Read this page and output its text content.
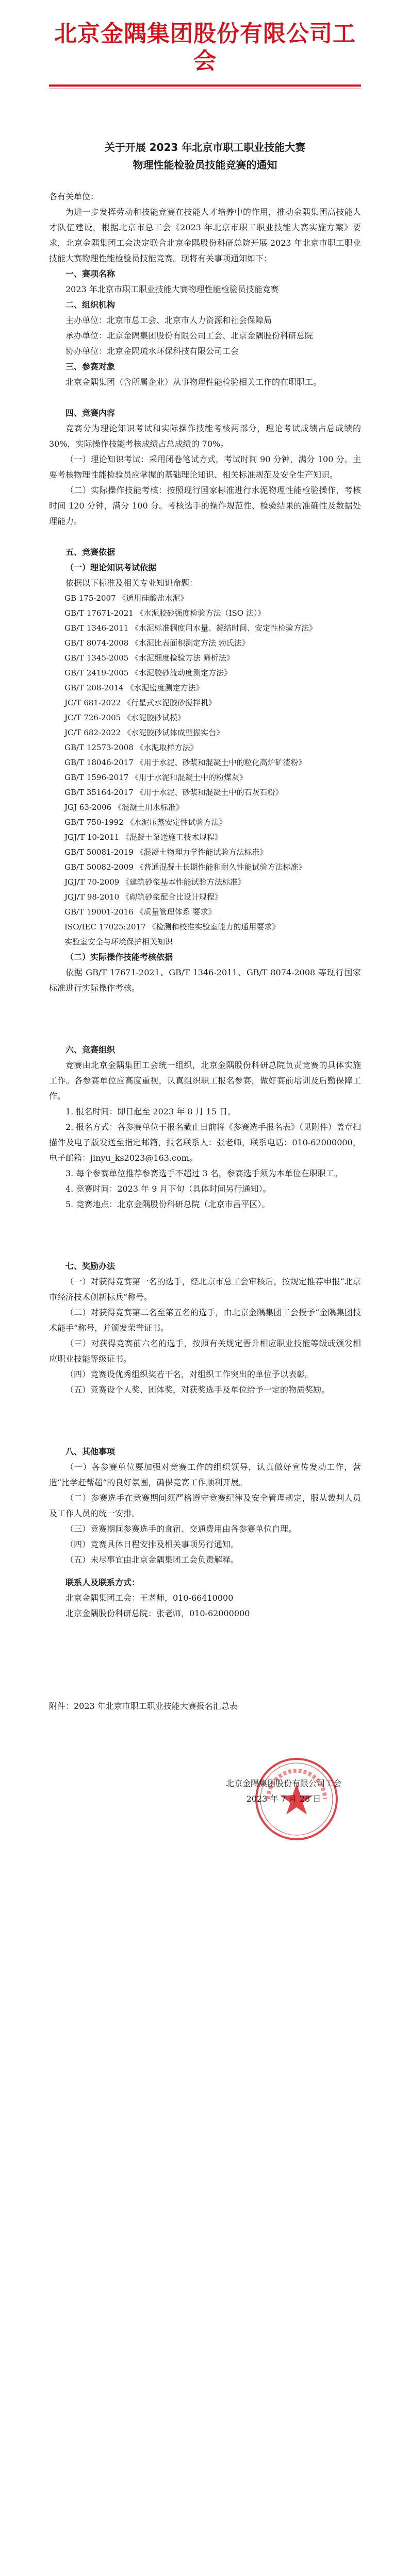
北京金隅集团股份有限公司工会
关于开展 2023 年北京市职工职业技能大赛
物理性能检验员技能竞赛的通知

各有关单位：

为进一步发挥劳动和技能竞赛在技能人才培养中的作用，推动金隅集团高技能人才队伍建设，根据北京市总工会《2023 年北京市职工职业技能大赛实施方案》要求，北京金隅集团工会决定联合北京金隅股份科研总院开展 2023 年北京市职工职业技能大赛物理性能检验员技能竞赛。现将有关事项通知如下：

一、赛项名称

2023 年北京市职工职业技能大赛物理性能检验员技能竞赛

二、组织机构

主办单位：北京市总工会、北京市人力资源和社会保障局

承办单位：北京金隅集团股份有限公司工会、北京金隅股份科研总院

协办单位：北京金隅琉水环保科技有限公司工会

三、参赛对象

北京金隅集团（含所属企业）从事物理性能检验相关工作的在职职工。

四、竞赛内容

竞赛分为理论知识考试和实际操作技能考核两部分，理论考试成绩占总成绩的 30%，实际操作技能考核成绩占总成绩的 70%。

（一）理论知识考试：采用闭卷笔试方式，考试时间 90 分钟，满分 100 分。主要考核物理性能检验员应掌握的基础理论知识、相关标准规范及安全生产知识。

（二）实际操作技能考核：按照现行国家标准进行水泥物理性能检验操作，考核时间 120 分钟，满分 100 分。考核选手的操作规范性、检验结果的准确性及数据处理能力。

五、竞赛依据

（一）理论知识考试依据

依据以下标准及相关专业知识命题：

GB 175-2007 《通用硅酸盐水泥》

GB/T 17671-2021 《水泥胶砂强度检验方法（ISO 法）》

GB/T 1346-2011 《水泥标准稠度用水量、凝结时间、安定性检验方法》

GB/T 8074-2008 《水泥比表面积测定方法 勃氏法》

GB/T 1345-2005 《水泥细度检验方法 筛析法》

GB/T 2419-2005 《水泥胶砂流动度测定方法》

GB/T 208-2014 《水泥密度测定方法》

JC/T 681-2022 《行星式水泥胶砂搅拌机》

JC/T 726-2005 《水泥胶砂试模》

JC/T 682-2022 《水泥胶砂试体成型振实台》

GB/T 12573-2008 《水泥取样方法》

GB/T 18046-2017 《用于水泥、砂浆和混凝土中的粒化高炉矿渣粉》

GB/T 1596-2017 《用于水泥和混凝土中的粉煤灰》

GB/T 35164-2017 《用于水泥、砂浆和混凝土中的石灰石粉》

JGJ 63-2006 《混凝土用水标准》

GB/T 750-1992 《水泥压蒸安定性试验方法》

JGJ/T 10-2011 《混凝土泵送施工技术规程》

GB/T 50081-2019 《混凝土物理力学性能试验方法标准》

GB/T 50082-2009 《普通混凝土长期性能和耐久性能试验方法标准》

JGJ/T 70-2009 《建筑砂浆基本性能试验方法标准》

JGJ/T 98-2010 《砌筑砂浆配合比设计规程》

GB/T 19001-2016 《质量管理体系 要求》

ISO/IEC 17025:2017 《检测和校准实验室能力的通用要求》

实验室安全与环境保护相关知识

（二）实际操作技能考核依据

依据 GB/T 17671-2021、GB/T 1346-2011、GB/T 8074-2008 等现行国家标准进行实际操作考核。

六、竞赛组织

竞赛由北京金隅集团工会统一组织，北京金隅股份科研总院负责竞赛的具体实施工作。各参赛单位应高度重视，认真组织职工报名参赛，做好赛前培训及后勤保障工作。

1. 报名时间：即日起至 2023 年 8 月 15 日。

2. 报名方式：各参赛单位于报名截止日前将《参赛选手报名表》（见附件）盖章扫描件及电子版发送至指定邮箱，报名联系人：张老师，联系电话：010-62000000，电子邮箱：jinyu_ks2023@163.com。

3. 每个参赛单位推荐参赛选手不超过 3 名，参赛选手须为本单位在职职工。

4. 竞赛时间：2023 年 9 月下旬（具体时间另行通知）。

5. 竞赛地点：北京金隅股份科研总院（北京市昌平区）。

七、奖励办法

（一）对获得竞赛第一名的选手，经北京市总工会审核后，按规定推荐申报“北京市经济技术创新标兵”称号。

（二）对获得竞赛第二名至第五名的选手，由北京金隅集团工会授予“金隅集团技术能手”称号，并颁发荣誉证书。

（三）对获得竞赛前六名的选手，按照有关规定晋升相应职业技能等级或颁发相应职业技能等级证书。

（四）竞赛设优秀组织奖若干名，对组织工作突出的单位予以表彰。

（五）竞赛设个人奖、团体奖，对获奖选手及单位给予一定的物质奖励。

八、其他事项

（一）各参赛单位要加强对竞赛工作的组织领导，认真做好宣传发动工作，营造“比学赶帮超”的良好氛围，确保竞赛工作顺利开展。

（二）参赛选手在竞赛期间须严格遵守竞赛纪律及安全管理规定，服从裁判人员及工作人员的统一安排。

（三）竞赛期间参赛选手的食宿、交通费用由各参赛单位自理。

（四）竞赛具体日程安排及相关事项另行通知。

（五）未尽事宜由北京金隅集团工会负责解释。

联系人及联系方式：

北京金隅集团工会：王老师，010-66410000

北京金隅股份科研总院：张老师，010-62000000

附件：2023 年北京市职工职业技能大赛报名汇总表

北京金隅集团股份有限公司工会
2023 年 7 月 28 日
